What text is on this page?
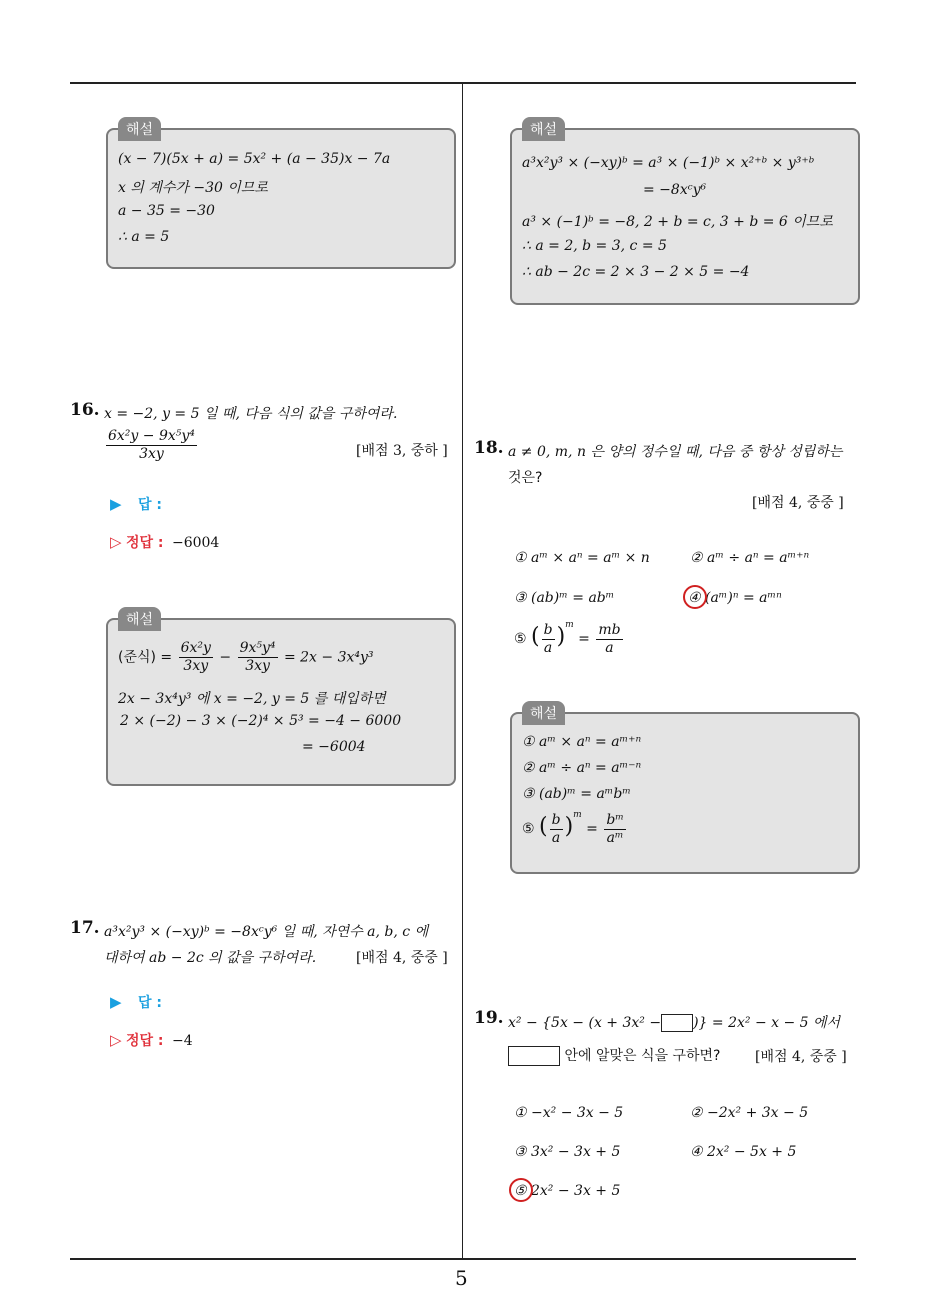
5
해설
(x − 7)(5x + a) = 5x² + (a − 35)x − 7a
x 의 계수가 −30 이므로
a − 35 = −30
∴ a = 5
해설
a³x²y³ × (−xy)ᵇ = a³ × (−1)ᵇ × x²⁺ᵇ × y³⁺ᵇ
= −8xᶜy⁶
a³ × (−1)ᵇ = −8, 2 + b = c, 3 + b = 6 이므로
∴ a = 2, b = 3, c = 5
∴ ab − 2c = 2 × 3 − 2 × 5 = −4
16. x = −2, y = 5 일 때, 다음 식의 값을 구하여라.
$\frac{\text{6x²y − 9x⁵y⁴}}{3xy}$	[배점 3, 중하 ]
▶ 답 :
▷ 정답 : −6004
해설
(준식) = $\frac{\text{6x²y}}{3xy} - \frac{\text{9x⁵y⁴}}{3xy} = 2x - 3x^4y^3$
2x − 3x⁴y³ 에 x = −2, y = 5 를 대입하면
2 × (−2) − 3 × (−2)⁴ × 5³ = −4 − 6000
= −6004
17. a³x²y³ × (−xy)ᵇ = −8xᶜy⁶ 일 때, 자연수 a, b, c 에
대하여 ab − 2c 의 값을 구하여라.	[배점 4, 중중 ]
▶ 답 :
▷ 정답 : −4
18. a ≠ 0, m, n 은 양의 정수일 때, 다음 중 항상 성립하는
것은?
[배점 4, 중중 ]
① aᵐ × aⁿ = aᵐ × n	② aᵐ ÷ aⁿ = aᵐ⁺ⁿ
③ (ab)ᵐ = abᵐ	④ (aᵐ)ⁿ = aᵐⁿ
⑤ ( $\frac{b}{a} )^m = \frac{mb}{a}$
해설
① aᵐ × aⁿ = aᵐ⁺ⁿ
② aᵐ ÷ aⁿ = aᵐ⁻ⁿ
③ (ab)ᵐ = aᵐbᵐ
⑤ ( $\frac{b}{a} )^m = \frac{\text{bᵐ}}{\text{aᵐ}}$
19. x² − {5x − (x + 3x² − )} = 2x² − x − 5 에서
안에 알맞은 식을 구하면? [배점 4, 중중 ]
① −x² − 3x − 5	② −2x² + 3x − 5
③ 3x² − 3x + 5	④ 2x² − 5x + 5
⑤ 2x² − 3x + 5
